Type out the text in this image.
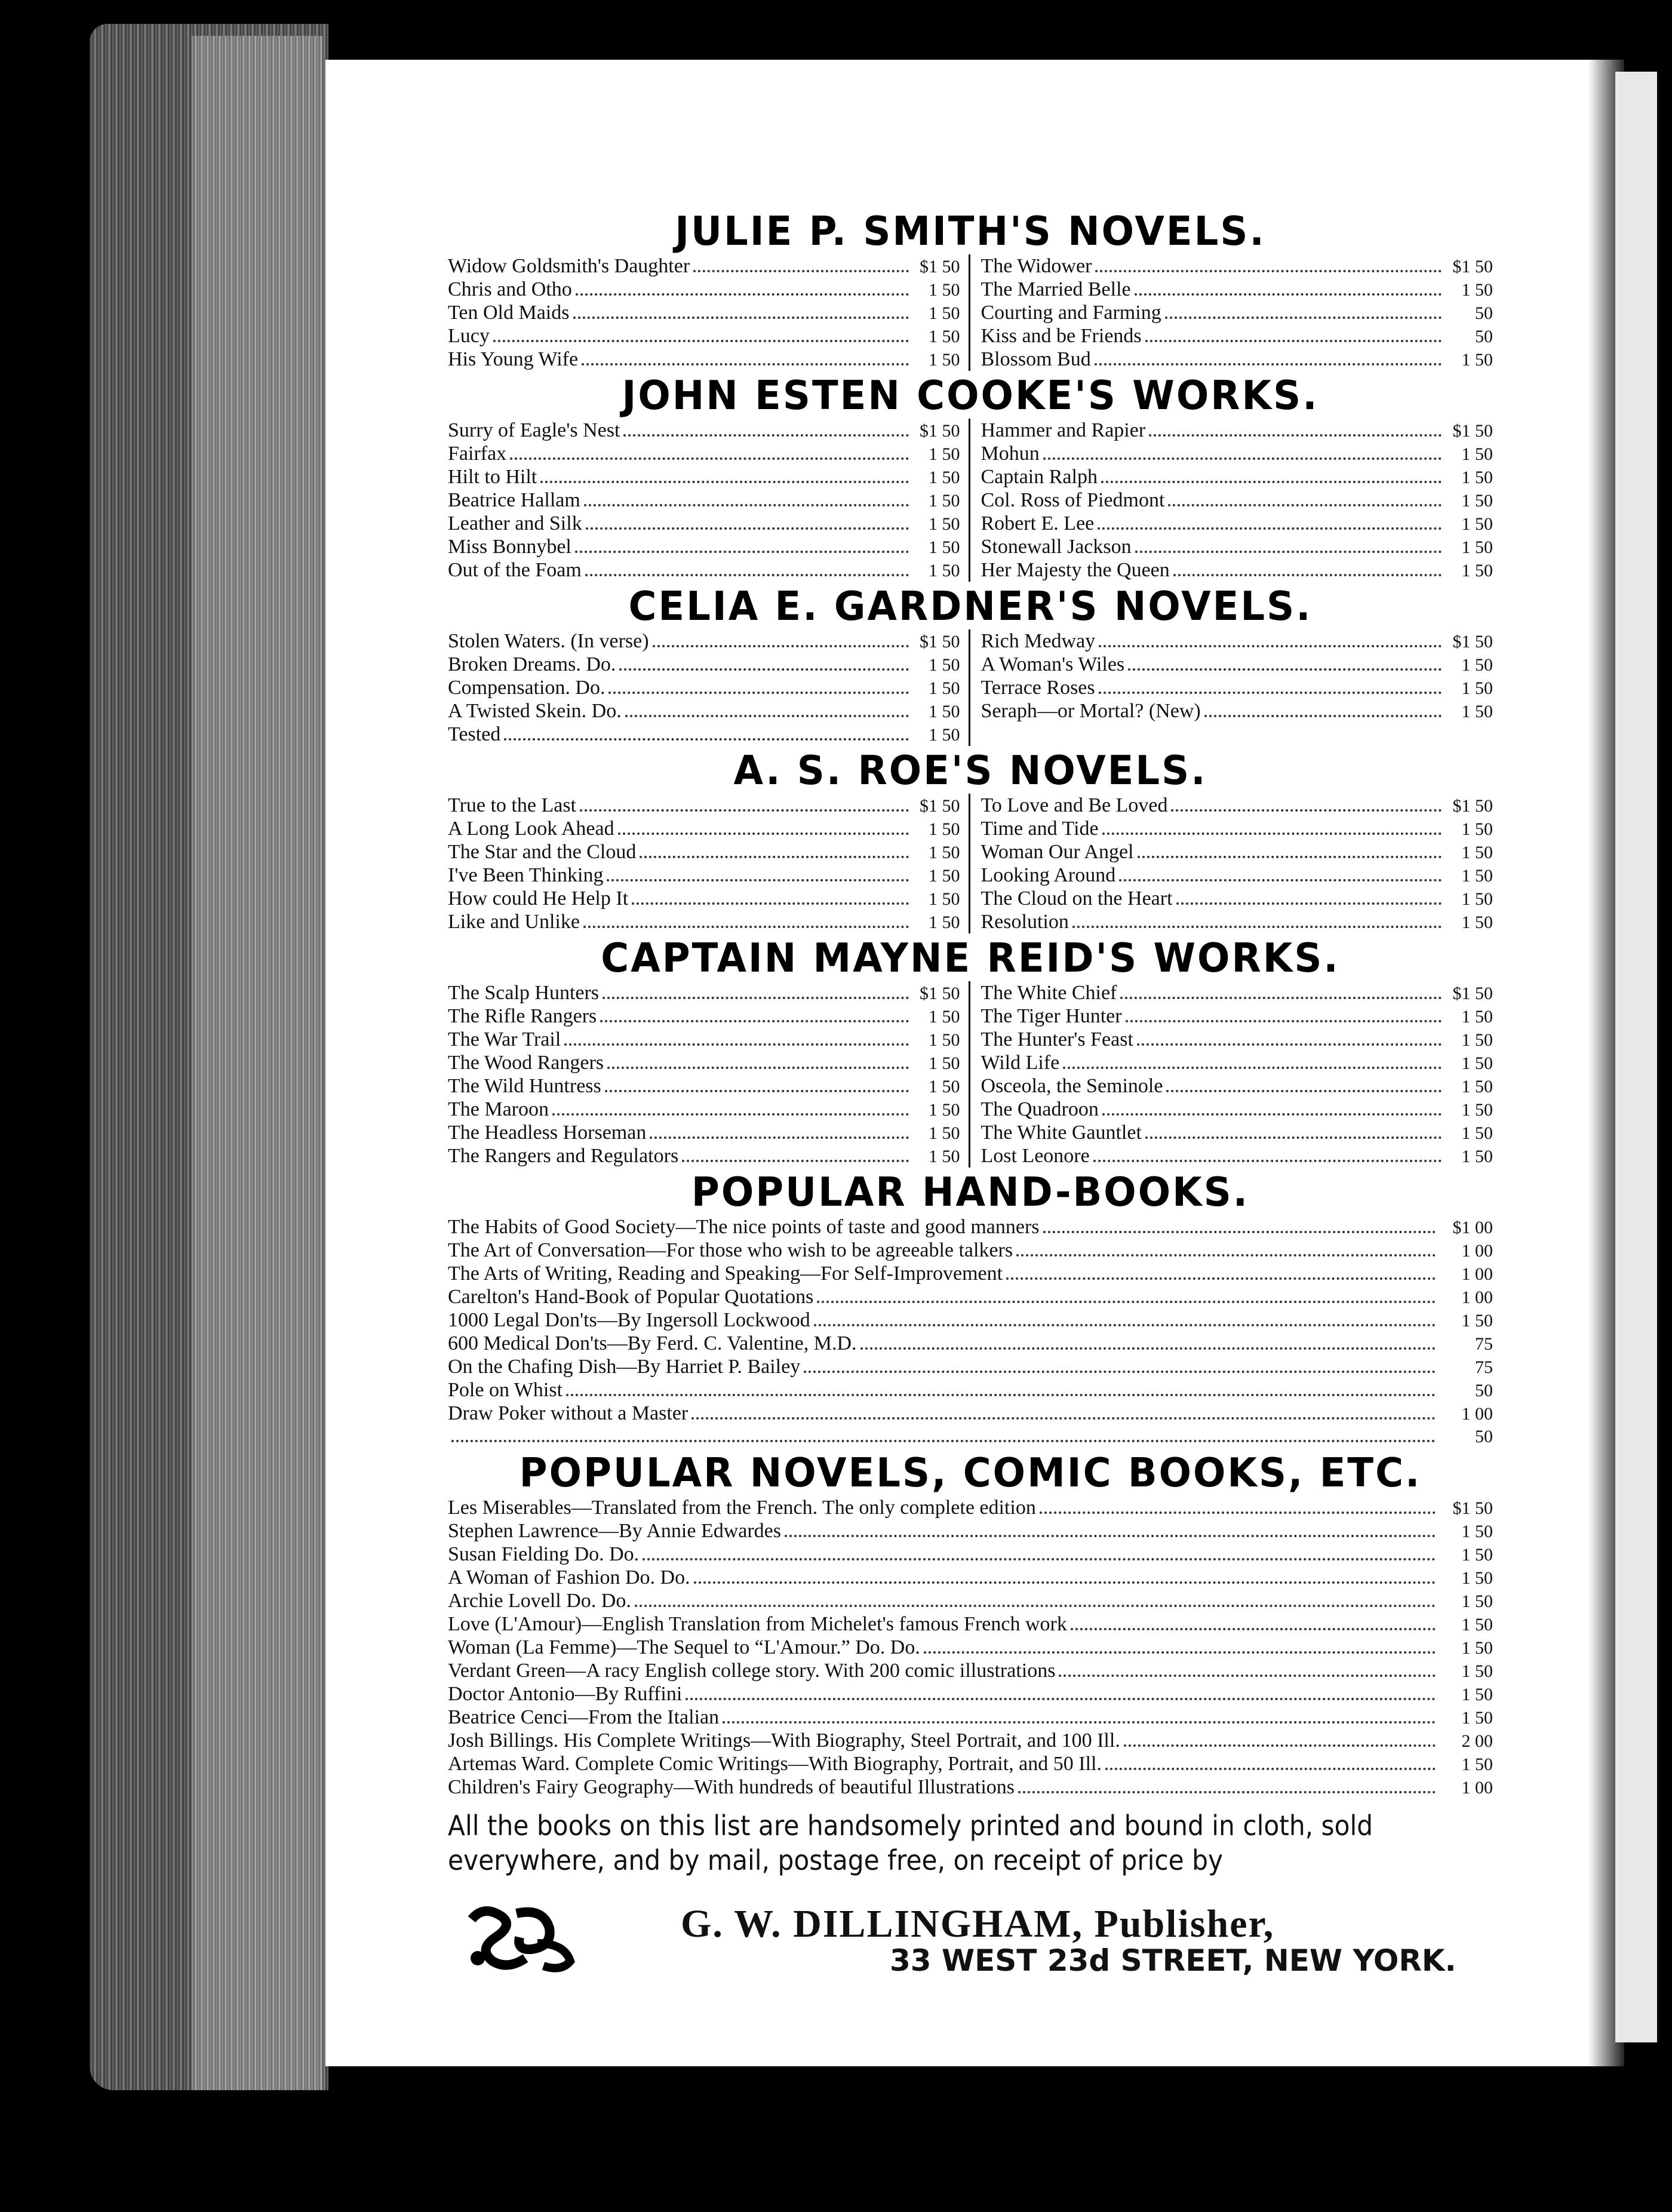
JULIE P. SMITH'S NOVELS.
Widow Goldsmith's Daughter	$1 50
Chris and Otho	1 50
Ten Old Maids	1 50
Lucy	1 50
His Young Wife	1 50
The Widower	$1 50
The Married Belle	1 50
Courting and Farming	50
Kiss and be Friends	50
Blossom Bud	1 50
JOHN ESTEN COOKE'S WORKS.
Surry of Eagle's Nest	$1 50
Fairfax	1 50
Hilt to Hilt	1 50
Beatrice Hallam	1 50
Leather and Silk	1 50
Miss Bonnybel	1 50
Out of the Foam	1 50
Hammer and Rapier	$1 50
Mohun	1 50
Captain Ralph	1 50
Col. Ross of Piedmont	1 50
Robert E. Lee	1 50
Stonewall Jackson	1 50
Her Majesty the Queen	1 50
CELIA E. GARDNER'S NOVELS.
Stolen Waters. (In verse)	$1 50
Broken Dreams. Do.	1 50
Compensation. Do.	1 50
A Twisted Skein. Do.	1 50
Tested	1 50
Rich Medway	$1 50
A Woman's Wiles	1 50
Terrace Roses	1 50
Seraph—or Mortal? (New)	1 50
A. S. ROE'S NOVELS.
True to the Last	$1 50
A Long Look Ahead	1 50
The Star and the Cloud	1 50
I've Been Thinking	1 50
How could He Help It	1 50
Like and Unlike	1 50
To Love and Be Loved	$1 50
Time and Tide	1 50
Woman Our Angel	1 50
Looking Around	1 50
The Cloud on the Heart	1 50
Resolution	1 50
CAPTAIN MAYNE REID'S WORKS.
The Scalp Hunters	$1 50
The Rifle Rangers	1 50
The War Trail	1 50
The Wood Rangers	1 50
The Wild Huntress	1 50
The Maroon	1 50
The Headless Horseman	1 50
The Rangers and Regulators	1 50
The White Chief	$1 50
The Tiger Hunter	1 50
The Hunter's Feast	1 50
Wild Life	1 50
Osceola, the Seminole	1 50
The Quadroon	1 50
The White Gauntlet	1 50
Lost Leonore	1 50
POPULAR HAND-BOOKS.
The Habits of Good Society—The nice points of taste and good manners	$1 00
The Art of Conversation—For those who wish to be agreeable talkers	1 00
The Arts of Writing, Reading and Speaking—For Self-Improvement	1 00
Carelton's Hand-Book of Popular Quotations	1 00
1000 Legal Don'ts—By Ingersoll Lockwood	1 50
600 Medical Don'ts—By Ferd. C. Valentine, M.D.	75
On the Chafing Dish—By Harriet P. Bailey	75
Pole on Whist	50
Draw Poker without a Master	1 00
50
POPULAR NOVELS, COMIC BOOKS, ETC.
Les Miserables—Translated from the French. The only complete edition	$1 50
Stephen Lawrence—By Annie Edwardes	1 50
Susan Fielding Do. Do.	1 50
A Woman of Fashion Do. Do.	1 50
Archie Lovell Do. Do.	1 50
Love (L'Amour)—English Translation from Michelet's famous French work	1 50
Woman (La Femme)—The Sequel to “L'Amour.” Do. Do.	1 50
Verdant Green—A racy English college story. With 200 comic illustrations	1 50
Doctor Antonio—By Ruffini	1 50
Beatrice Cenci—From the Italian	1 50
Josh Billings. His Complete Writings—With Biography, Steel Portrait, and 100 Ill.	2 00
Artemas Ward. Complete Comic Writings—With Biography, Portrait, and 50 Ill.	1 50
Children's Fairy Geography—With hundreds of beautiful Illustrations	1 00
All the books on this list are handsomely printed and bound in cloth, sold everywhere, and by mail, postage free, on receipt of price by
G. W. DILLINGHAM, Publisher,
33 WEST 23d STREET, NEW YORK.
